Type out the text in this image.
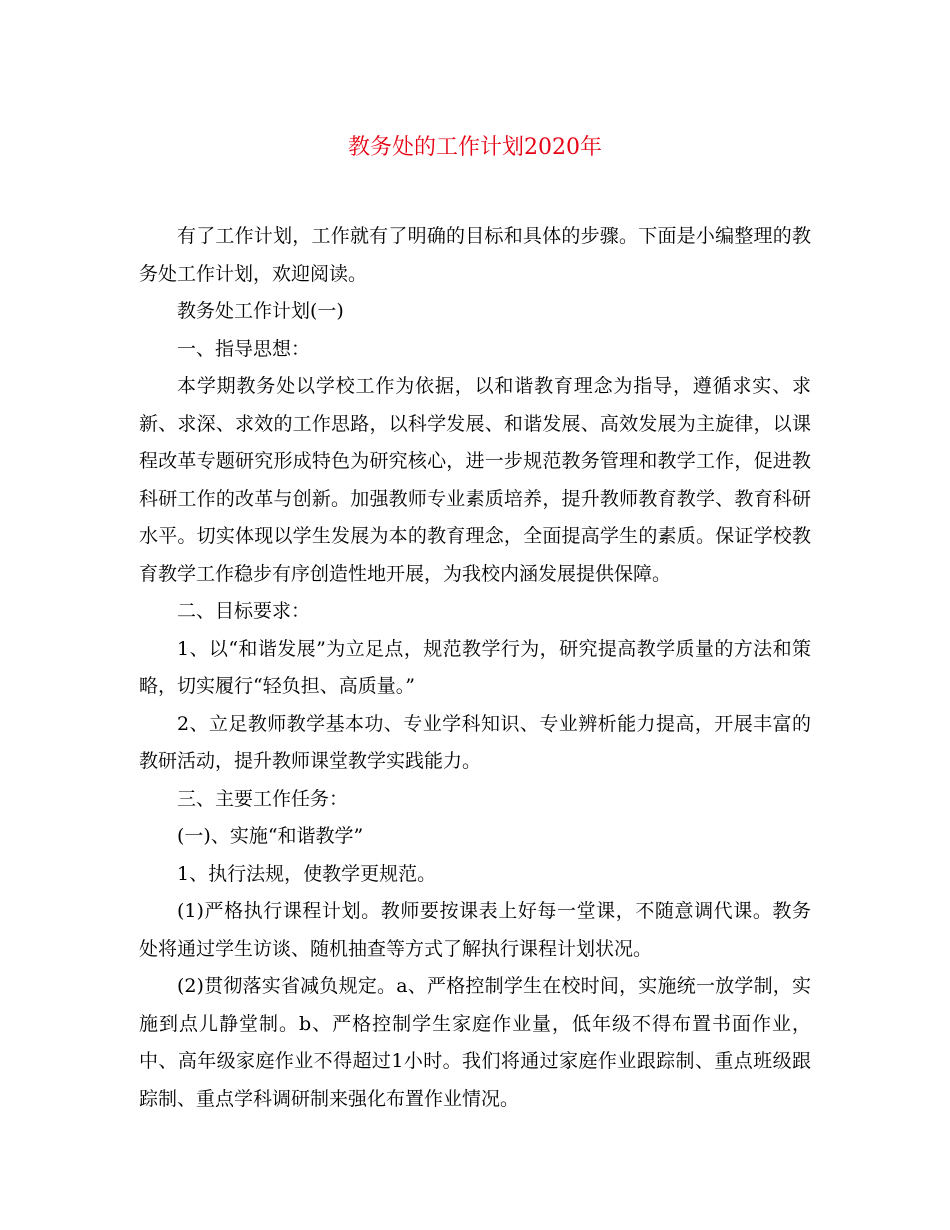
教务处的工作计划2020年

有了工作计划，工作就有了明确的目标和具体的步骤。下面是小编整理的教务处工作计划，欢迎阅读。

教务处工作计划(一)

一、指导思想：

本学期教务处以学校工作为依据，以和谐教育理念为指导，遵循求实、求新、求深、求效的工作思路，以科学发展、和谐发展、高效发展为主旋律，以课程改革专题研究形成特色为研究核心，进一步规范教务管理和教学工作，促进教科研工作的改革与创新。加强教师专业素质培养，提升教师教育教学、教育科研水平。切实体现以学生发展为本的教育理念，全面提高学生的素质。保证学校教育教学工作稳步有序创造性地开展，为我校内涵发展提供保障。

二、目标要求：

1、以“和谐发展”为立足点，规范教学行为，研究提高教学质量的方法和策略，切实履行“轻负担、高质量。”

2、立足教师教学基本功、专业学科知识、专业辨析能力提高，开展丰富的教研活动，提升教师课堂教学实践能力。

三、主要工作任务：

(一)、实施“和谐教学”

1、执行法规，使教学更规范。

(1)严格执行课程计划。教师要按课表上好每一堂课，不随意调代课。教务处将通过学生访谈、随机抽查等方式了解执行课程计划状况。

(2)贯彻落实省减负规定。a、严格控制学生在校时间，实施统一放学制，实施到点儿静堂制。b、严格控制学生家庭作业量，低年级不得布置书面作业，中、高年级家庭作业不得超过1小时。我们将通过家庭作业跟踪制、重点班级跟踪制、重点学科调研制来强化布置作业情况。
